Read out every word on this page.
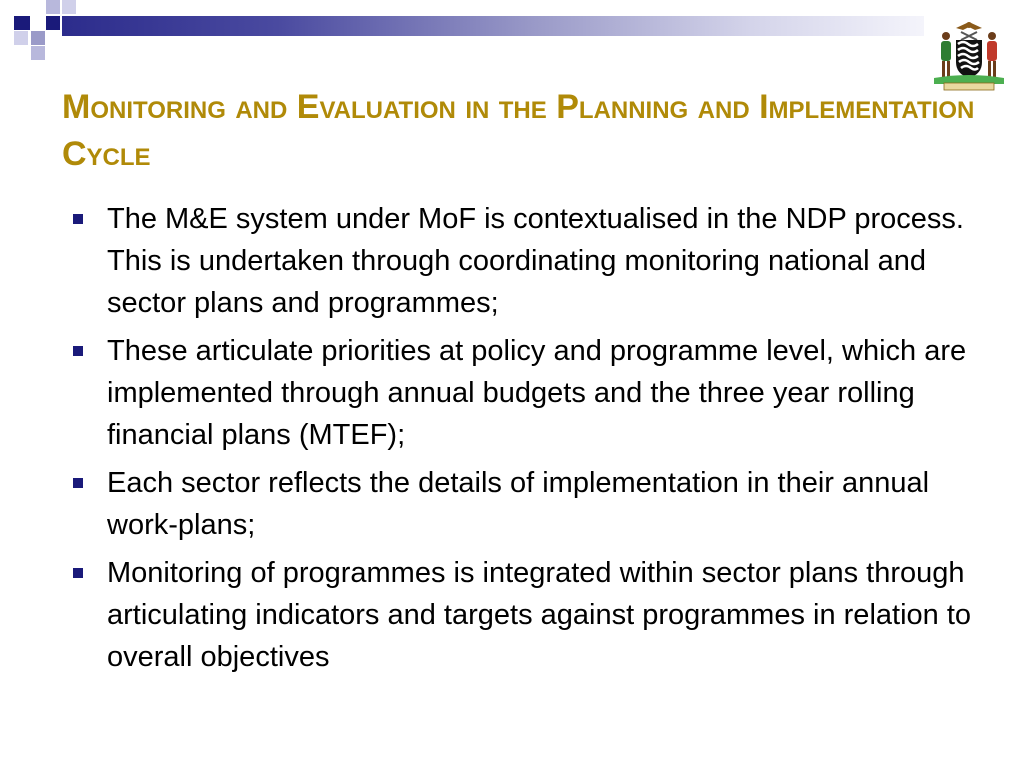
Monitoring and Evaluation in the Planning and Implementation Cycle
The M&E system under MoF is contextualised in the NDP process. This is undertaken through coordinating monitoring national and sector plans and programmes;
These articulate priorities at policy and programme level, which are implemented through annual budgets and the three year rolling financial plans (MTEF);
Each sector reflects the details of implementation in their annual work-plans;
Monitoring of programmes is integrated within sector plans through articulating indicators and targets against programmes in relation to overall objectives
